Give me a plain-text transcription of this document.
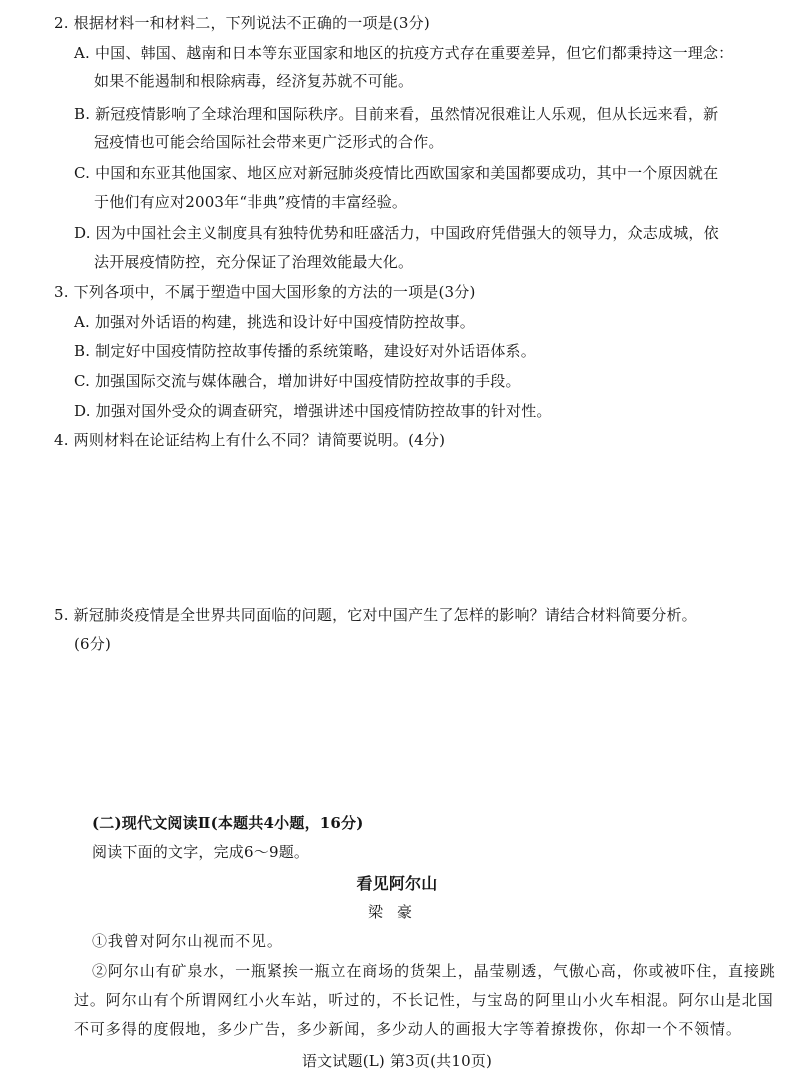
2. 根据材料一和材料二，下列说法不正确的一项是(3分)
A. 中国、韩国、越南和日本等东亚国家和地区的抗疫方式存在重要差异，但它们都秉持这一理念：
如果不能遏制和根除病毒，经济复苏就不可能。
B. 新冠疫情影响了全球治理和国际秩序。目前来看，虽然情况很难让人乐观，但从长远来看，新
冠疫情也可能会给国际社会带来更广泛形式的合作。
C. 中国和东亚其他国家、地区应对新冠肺炎疫情比西欧国家和美国都要成功，其中一个原因就在
于他们有应对2003年“非典”疫情的丰富经验。
D. 因为中国社会主义制度具有独特优势和旺盛活力，中国政府凭借强大的领导力，众志成城，依
法开展疫情防控，充分保证了治理效能最大化。
3. 下列各项中，不属于塑造中国大国形象的方法的一项是(3分)
A. 加强对外话语的构建，挑选和设计好中国疫情防控故事。
B. 制定好中国疫情防控故事传播的系统策略，建设好对外话语体系。
C. 加强国际交流与媒体融合，增加讲好中国疫情防控故事的手段。
D. 加强对国外受众的调查研究，增强讲述中国疫情防控故事的针对性。
4. 两则材料在论证结构上有什么不同？请简要说明。(4分)
5. 新冠肺炎疫情是全世界共同面临的问题，它对中国产生了怎样的影响？请结合材料简要分析。
(6分)
(二)现代文阅读Ⅱ(本题共4小题，16分)
阅读下面的文字，完成6～9题。
看见阿尔山
梁豪
①我曾对阿尔山视而不见。
②阿尔山有矿泉水，一瓶紧挨一瓶立在商场的货架上，晶莹剔透，气傲心高，你或被吓住，直接跳
过。阿尔山有个所谓网红小火车站，听过的，不长记性，与宝岛的阿里山小火车相混。阿尔山是北国
不可多得的度假地，多少广告，多少新闻，多少动人的画报大字等着撩拨你，你却一个不领情。
语文试题(L) 第3页(共10页)
